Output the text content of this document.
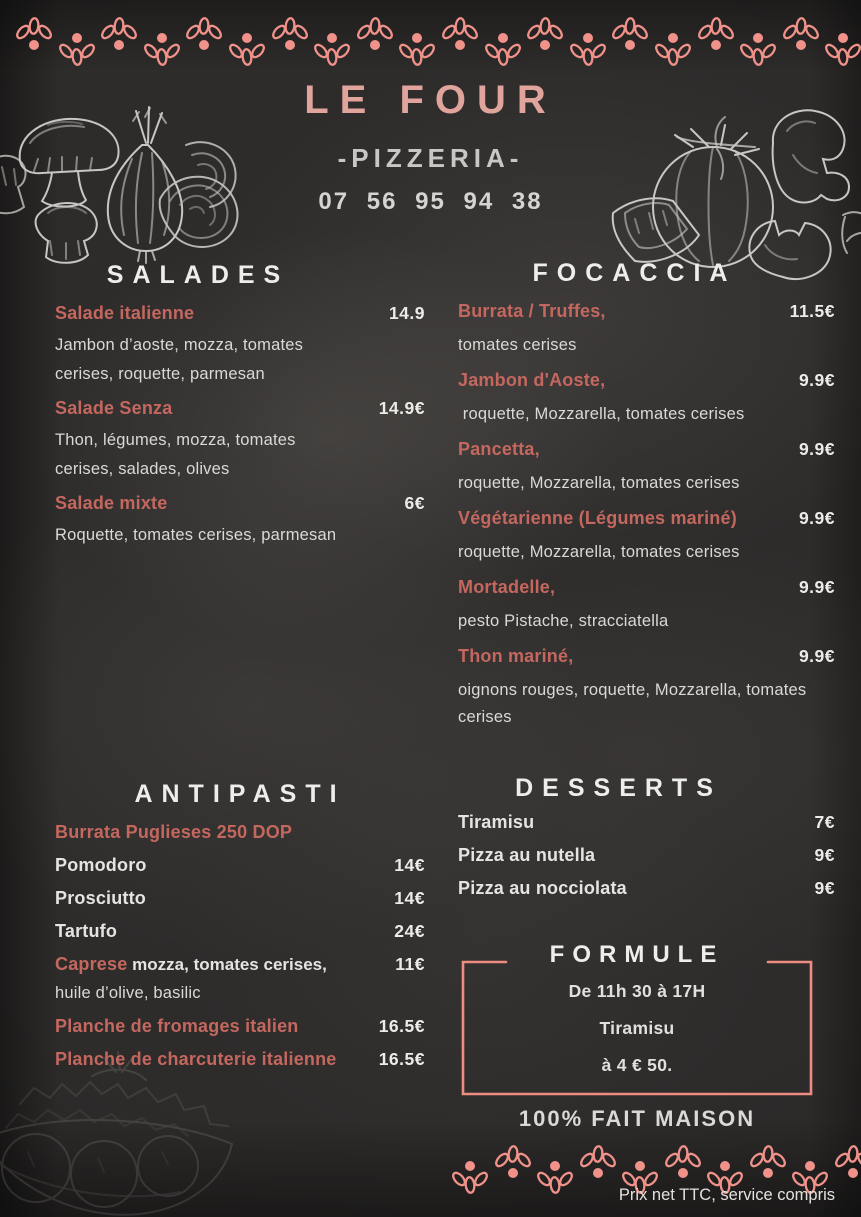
LE FOUR
-PIZZERIA-
07 56 95 94 38
SALADES
Salade italienne	14.9
Jambon d’aoste, mozza, tomates
cerises, roquette, parmesan
Salade Senza	14.9€
Thon, légumes, mozza, tomates
cerises, salades, olives
Salade mixte	6€
Roquette, tomates cerises, parmesan
FOCACCIA
Burrata / Truffes,	11.5€
tomates cerises
Jambon d'Aoste,	9.9€
roquette, Mozzarella, tomates cerises
Pancetta,	9.9€
roquette, Mozzarella, tomates cerises
Végétarienne (Légumes mariné)	9.9€
roquette, Mozzarella, tomates cerises
Mortadelle,	9.9€
pesto Pistache, stracciatella
Thon mariné,	9.9€
oignons rouges, roquette, Mozzarella, tomates
cerises
ANTIPASTI
Burrata Puglieses 250 DOP
Pomodoro	14€
Prosciutto	14€
Tartufo	24€
Caprese mozza, tomates cerises,	11€
huile d’olive, basilic
Planche de fromages italien	16.5€
Planche de charcuterie italienne 16.5€
DESSERTS
Tiramisu	7€
Pizza au nutella	9€
Pizza au nocciolata	9€
FORMULE
De 11h 30 à 17H
Tiramisu
à 4 € 50.
100% FAIT MAISON
Prix net TTC, service compris
